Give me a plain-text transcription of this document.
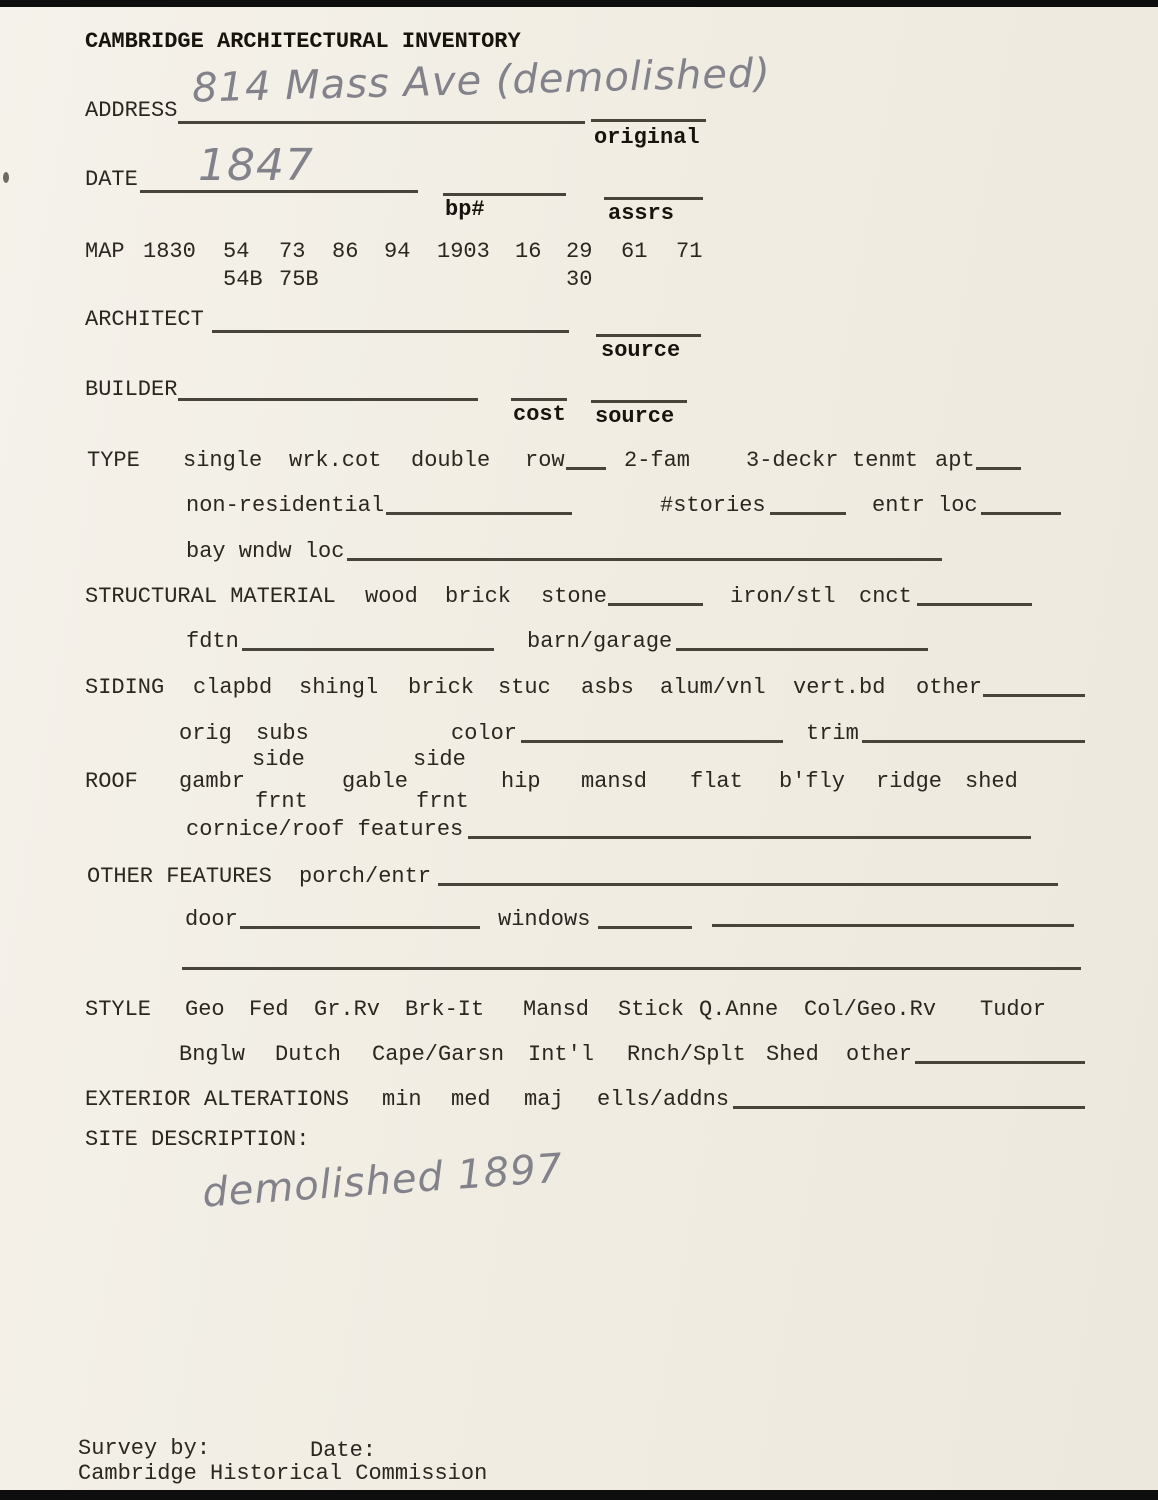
CAMBRIDGE ARCHITECTURAL INVENTORY
ADDRESS 814 Mass Ave (demolished)
original
DATE 1847
bp#	assrs
MAP 1830 54 73 86 94 1903 16 29 61 71
54B 75B	30
ARCHITECT
source
BUILDER
cost source
TYPE single wrk.cot double row	2-fam	3-deckr tenmt apt
non-residential	#stories	entr loc
bay wndw loc
STRUCTURAL MATERIAL wood brick stone	iron/stl cnct
fdtn	barn/garage
SIDING clapbd shingl brick stuc asbs alum/vnl vert.bd other
orig subs	color	trim
ROOF gambr
side
frnt
gable
side
frnt
hip mansd flat b'fly ridge shed
cornice/roof features
OTHER FEATURES porch/entr
door	windows
STYLE Geo Fed Gr.Rv Brk-It Mansd Stick Q.Anne Col/Geo.Rv Tudor
Bnglw Dutch Cape/Garsn Int'l Rnch/Splt Shed other
EXTERIOR ALTERATIONS min med maj ells/addns
SITE DESCRIPTION:
demolished 1897
Survey by:	Date:
Cambridge Historical Commission
